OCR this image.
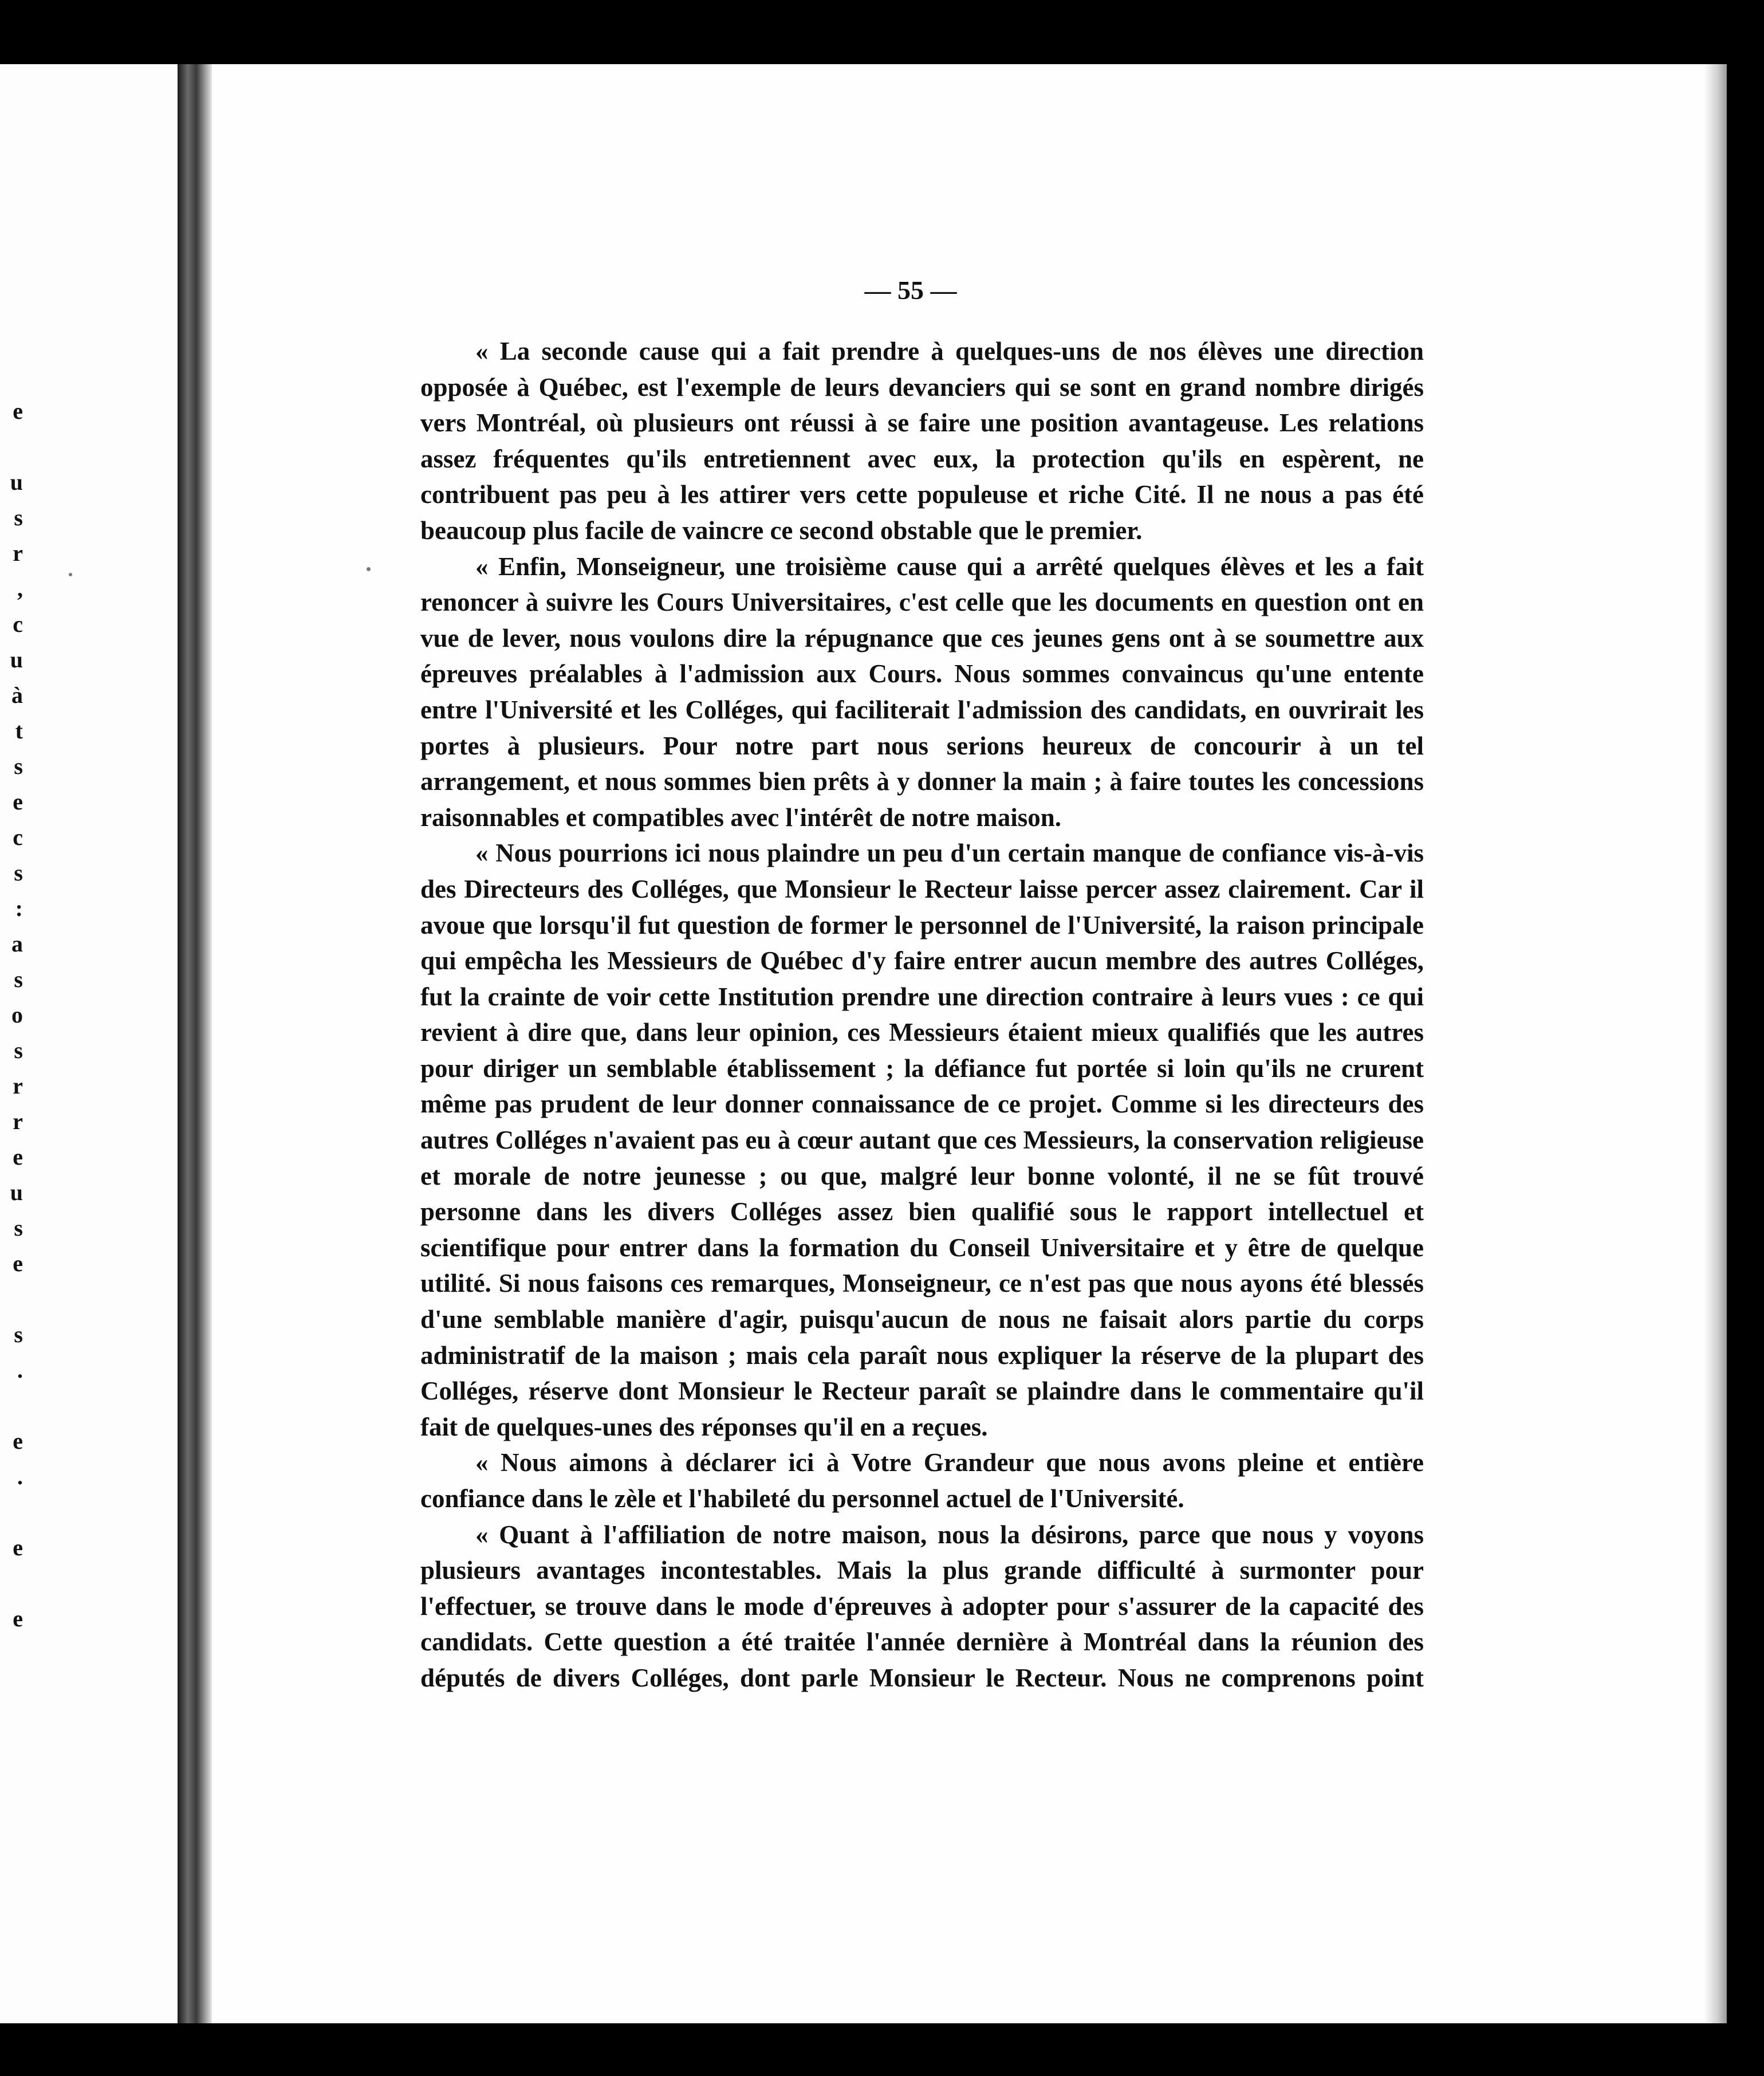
e
u
s
r
,
c
u
à
t
s
e
c
s
:
a
s
o
s
r
r
e
u
s
e
s
.
e
.
e
e
— 55 —

« La seconde cause qui a fait prendre à quelques-uns de nos élèves une direction opposée à Québec, est l'exemple de leurs devanciers qui se sont en grand nombre dirigés vers Montréal, où plusieurs ont réussi à se faire une position avantageuse. Les relations assez fréquentes qu'ils entretiennent avec eux, la protection qu'ils en espèrent, ne contribuent pas peu à les attirer vers cette populeuse et riche Cité. Il ne nous a pas été beaucoup plus facile de vaincre ce second obstable que le premier.

« Enfin, Monseigneur, une troisième cause qui a arrêté quelques élèves et les a fait renoncer à suivre les Cours Universitaires, c'est celle que les documents en question ont en vue de lever, nous voulons dire la répugnance que ces jeunes gens ont à se soumettre aux épreuves préalables à l'admission aux Cours. Nous sommes convaincus qu'une entente entre l'Université et les Colléges, qui faciliterait l'admission des candidats, en ouvrirait les portes à plusieurs. Pour notre part nous serions heureux de concourir à un tel arrangement, et nous sommes bien prêts à y donner la main ; à faire toutes les concessions raisonnables et compatibles avec l'intérêt de notre maison.

« Nous pourrions ici nous plaindre un peu d'un certain manque de confiance vis-à-vis des Directeurs des Colléges, que Monsieur le Recteur laisse percer assez clairement. Car il avoue que lorsqu'il fut question de former le personnel de l'Université, la raison principale qui empêcha les Messieurs de Québec d'y faire entrer aucun membre des autres Colléges, fut la crainte de voir cette Institution prendre une direction contraire à leurs vues : ce qui revient à dire que, dans leur opinion, ces Messieurs étaient mieux qualifiés que les autres pour diriger un semblable établissement ; la défiance fut portée si loin qu'ils ne crurent même pas prudent de leur donner connaissance de ce projet. Comme si les directeurs des autres Colléges n'avaient pas eu à cœur autant que ces Messieurs, la conservation religieuse et morale de notre jeunesse ; ou que, malgré leur bonne volonté, il ne se fût trouvé personne dans les divers Colléges assez bien qualifié sous le rapport intellectuel et scientifique pour entrer dans la formation du Conseil Universitaire et y être de quelque utilité. Si nous faisons ces remarques, Monseigneur, ce n'est pas que nous ayons été blessés d'une semblable manière d'agir, puisqu'aucun de nous ne faisait alors partie du corps administratif de la maison ; mais cela paraît nous expliquer la réserve de la plupart des Colléges, réserve dont Monsieur le Recteur paraît se plaindre dans le commentaire qu'il fait de quelques-unes des réponses qu'il en a reçues.

« Nous aimons à déclarer ici à Votre Grandeur que nous avons pleine et entière confiance dans le zèle et l'habileté du personnel actuel de l'Université.

« Quant à l'affiliation de notre maison, nous la désirons, parce que nous y voyons plusieurs avantages incontestables. Mais la plus grande difficulté à surmonter pour l'effectuer, se trouve dans le mode d'épreuves à adopter pour s'assurer de la capacité des candidats. Cette question a été traitée l'année dernière à Montréal dans la réunion des députés de divers Colléges, dont parle Monsieur le Recteur. Nous ne comprenons point
